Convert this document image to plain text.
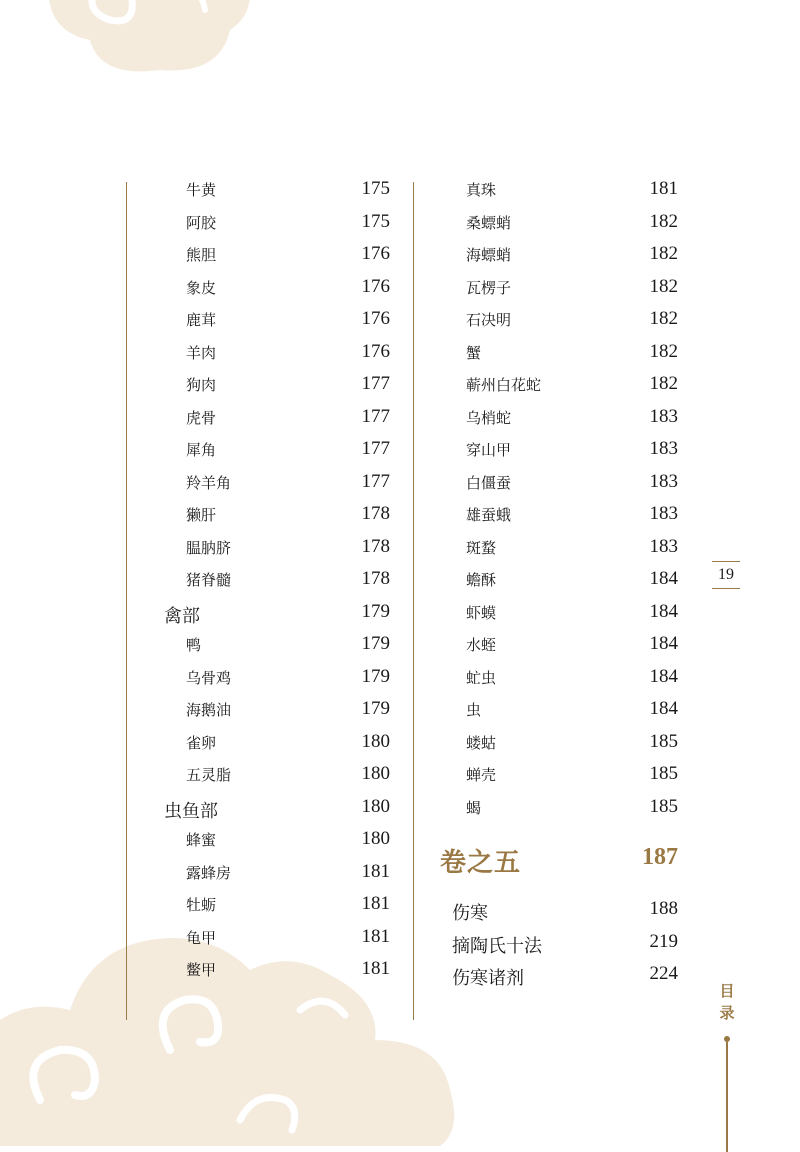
牛黄	175
阿胶	175
熊胆	176
象皮	176
鹿茸	176
羊肉	176
狗肉	177
虎骨	177
犀角	177
羚羊角	177
獭肝	178
腽肭脐	178
猪脊髓	178
禽部	179
鸭	179
乌骨鸡	179
海鹅油	179
雀卵	180
五灵脂	180
虫鱼部	180
蜂蜜	180
露蜂房	181
牡蛎	181
龟甲	181
鳖甲	181
真珠	181
桑螵蛸	182
海螵蛸	182
瓦楞子	182
石决明	182
蟹	182
蕲州白花蛇	182
乌梢蛇	183
穿山甲	183
白僵蚕	183
雄蚕蛾	183
斑蝥	183
蟾酥	184
虾蟆	184
水蛭	184
虻虫	184
虫	184
蝼蛄	185
蝉壳	185
蝎	185
卷之五	187
伤寒	188
摘陶氏十法	219
伤寒诸剂	224
19
目
录
